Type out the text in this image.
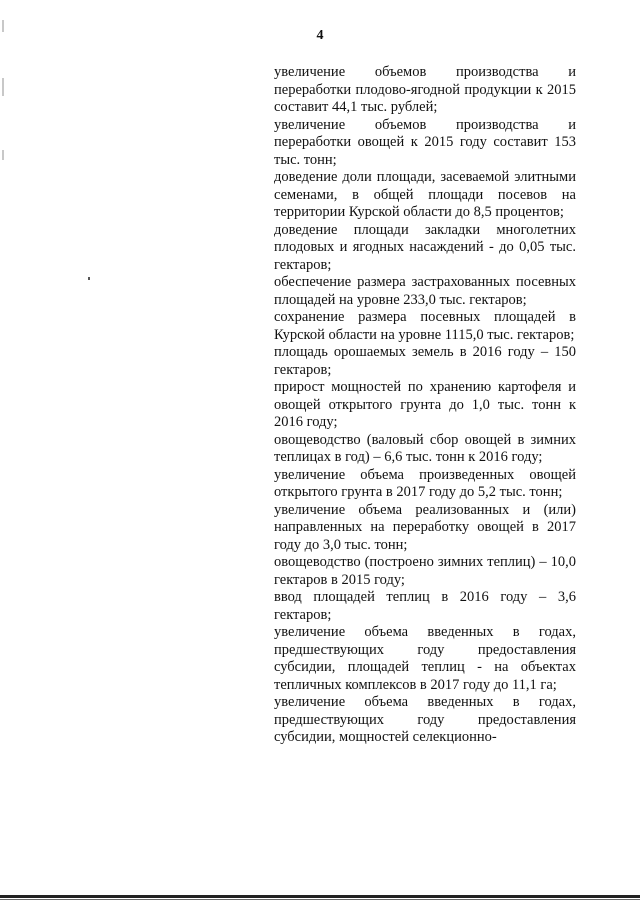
4

увеличение объемов производства и переработки плодово-ягодной продукции к 2015 составит 44,1 тыс. рублей;

увеличение объемов производства и переработки овощей к 2015 году составит 153 тыс. тонн;

доведение доли площади, засеваемой элитными семенами, в общей площади посевов на территории Курской области до 8,5 процентов;

доведение площади закладки многолетних плодовых и ягодных насаждений - до 0,05 тыс. гектаров;

обеспечение размера застрахованных посевных площадей на уровне 233,0 тыс. гектаров;

сохранение размера посевных площадей в Курской области на уровне 1115,0 тыс. гектаров;

площадь орошаемых земель в 2016 году – 150 гектаров;

прирост мощностей по хранению картофеля и овощей открытого грунта до 1,0 тыс. тонн к 2016 году;

овощеводство (валовый сбор овощей в зимних теплицах в год) – 6,6 тыс. тонн к 2016 году;

увеличение объема произведенных овощей открытого грунта в 2017 году до 5,2 тыс. тонн;

увеличение объема реализованных и (или) направленных на переработку овощей в 2017 году до 3,0 тыс. тонн;

овощеводство (построено зимних теплиц) – 10,0 гектаров в 2015 году;

ввод площадей теплиц в 2016 году – 3,6 гектаров;

увеличение объема введенных в годах, предшествующих году предоставления субсидии, площадей теплиц - на объектах тепличных комплексов в 2017 году до 11,1 га;

увеличение объема введенных в годах, предшествующих году предоставления субсидии, мощностей селекционно-
